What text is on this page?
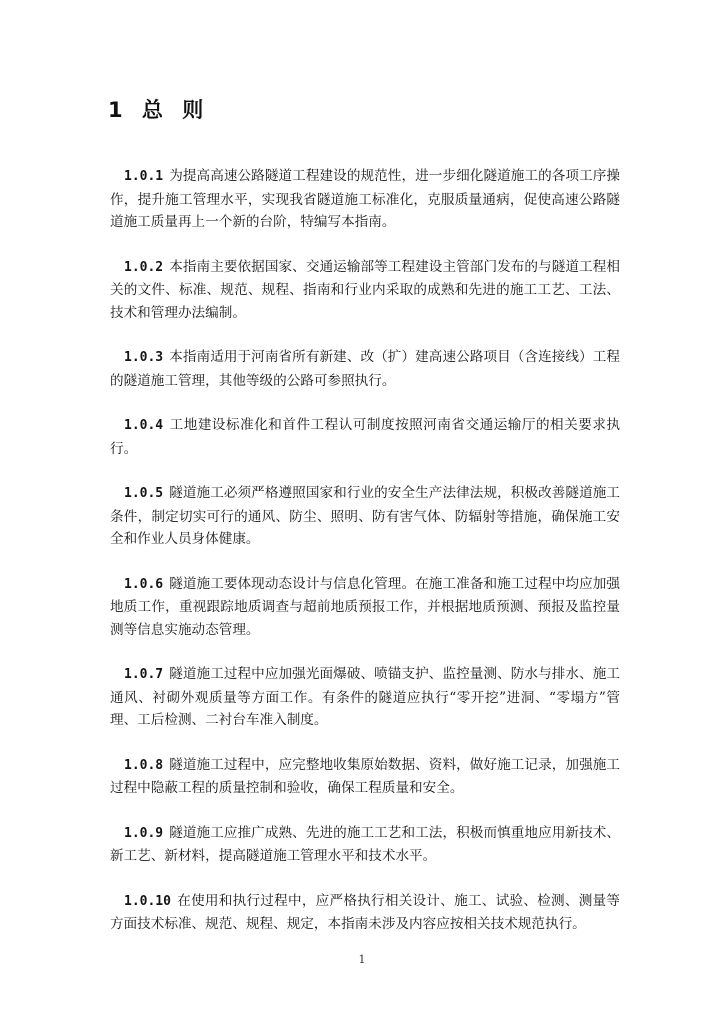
1 总 则

1.0.1 为提高高速公路隧道工程建设的规范性，进一步细化隧道施工的各项工序操作，提升施工管理水平，实现我省隧道施工标准化，克服质量通病，促使高速公路隧道施工质量再上一个新的台阶，特编写本指南。

1.0.2 本指南主要依据国家、交通运输部等工程建设主管部门发布的与隧道工程相关的文件、标准、规范、规程、指南和行业内采取的成熟和先进的施工工艺、工法、技术和管理办法编制。

1.0.3 本指南适用于河南省所有新建、改（扩）建高速公路项目（含连接线）工程的隧道施工管理，其他等级的公路可参照执行。

1.0.4 工地建设标准化和首件工程认可制度按照河南省交通运输厅的相关要求执行。

1.0.5 隧道施工必须严格遵照国家和行业的安全生产法律法规，积极改善隧道施工条件，制定切实可行的通风、防尘、照明、防有害气体、防辐射等措施，确保施工安全和作业人员身体健康。

1.0.6 隧道施工要体现动态设计与信息化管理。在施工准备和施工过程中均应加强地质工作，重视跟踪地质调查与超前地质预报工作，并根据地质预测、预报及监控量测等信息实施动态管理。

1.0.7 隧道施工过程中应加强光面爆破、喷锚支护、监控量测、防水与排水、施工通风、衬砌外观质量等方面工作。有条件的隧道应执行“零开挖”进洞、“零塌方”管理、工后检测、二衬台车准入制度。

1.0.8 隧道施工过程中，应完整地收集原始数据、资料，做好施工记录，加强施工过程中隐蔽工程的质量控制和验收，确保工程质量和安全。

1.0.9 隧道施工应推广成熟、先进的施工工艺和工法，积极而慎重地应用新技术、新工艺、新材料，提高隧道施工管理水平和技术水平。

1.0.10 在使用和执行过程中，应严格执行相关设计、施工、试验、检测、测量等方面技术标准、规范、规程、规定，本指南未涉及内容应按相关技术规范执行。

1
